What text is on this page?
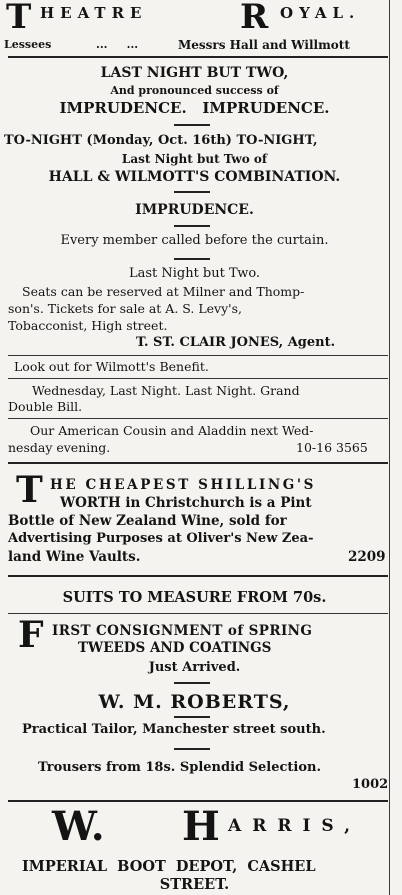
T HEATRE	R OYAL.
Lessees	...     ...	Messrs Hall and Willmott
LAST NIGHT BUT TWO,
And pronounced success of
IMPRUDENCE.   IMPRUDENCE.
TO-NIGHT (Monday, Oct. 16th) TO-NIGHT,
Last Night but Two of
HALL & WILMOTT'S COMBINATION.
IMPRUDENCE.
Every member called before the curtain.
Last Night but Two.
Seats can be reserved at Milner and Thomp-
son's. Tickets for sale at A. S. Levy's,
Tobacconist, High street.
T. ST. CLAIR JONES, Agent.
Look out for Wilmott's Benefit.
Wednesday, Last Night. Last Night. Grand
Double Bill.
Our American Cousin and Aladdin next Wed-
nesday evening.	10-16 3565
T HE CHEAPEST SHILLING'S
WORTH in Christchurch is a Pint
Bottle of New Zealand Wine, sold for
Advertising Purposes at Oliver's New Zea-
land Wine Vaults.	2209
SUITS TO MEASURE FROM 70s.
F IRST CONSIGNMENT of SPRING
TWEEDS AND COATINGS
Just Arrived.
W. M. ROBERTS,
Practical Tailor, Manchester street south.
Trousers from 18s. Splendid Selection.
1002
W. H ARRIS,
IMPERIAL  BOOT  DEPOT,  CASHEL
STREET.
